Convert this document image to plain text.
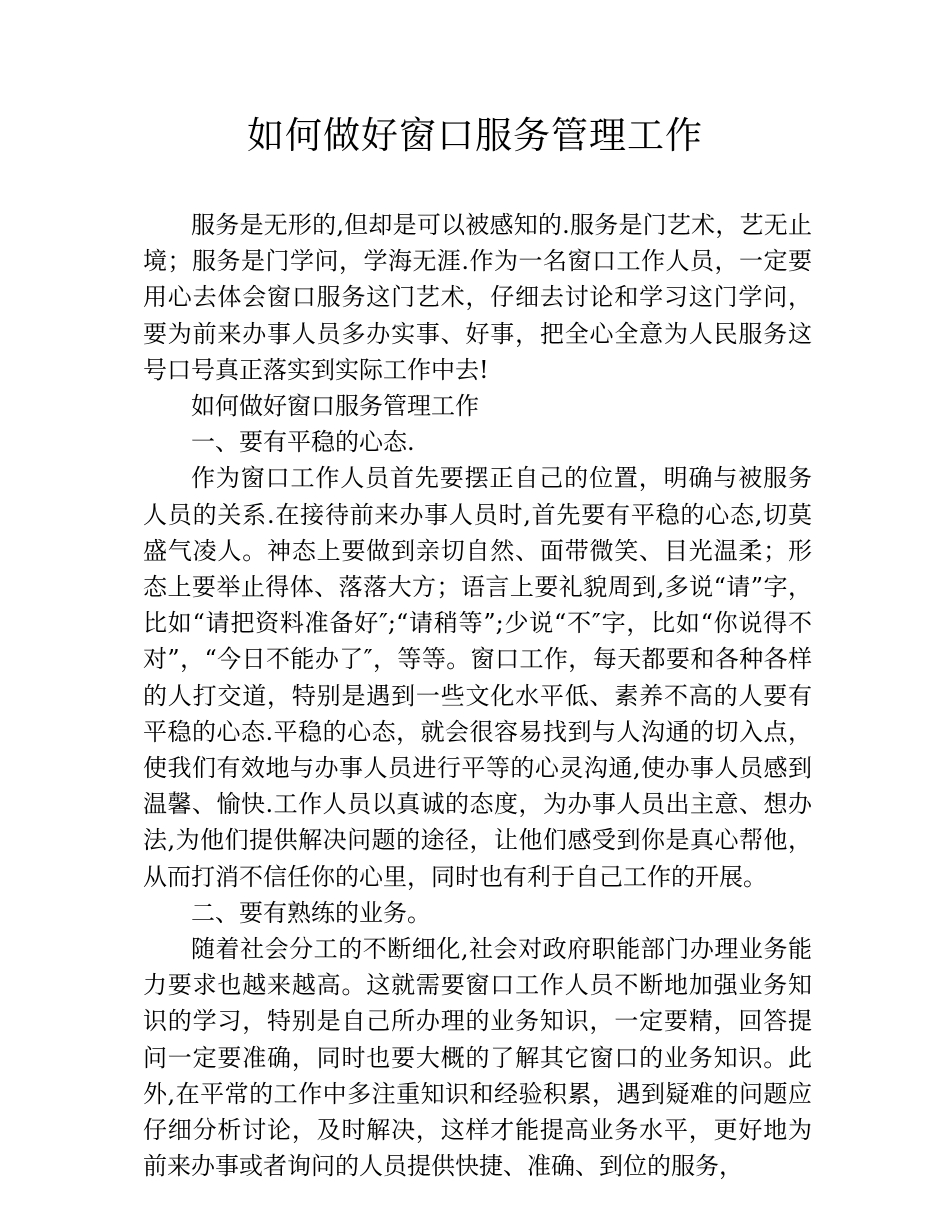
如何做好窗口服务管理工作

服务是无形的,但却是可以被感知的.服务是门艺术，艺无止境；服务是门学问，学海无涯.作为一名窗口工作人员，一定要用心去体会窗口服务这门艺术，仔细去讨论和学习这门学问，要为前来办事人员多办实事、好事，把全心全意为人民服务这号口号真正落实到实际工作中去!

如何做好窗口服务管理工作

一、要有平稳的心态.

作为窗口工作人员首先要摆正自己的位置，明确与被服务人员的关系.在接待前来办事人员时,首先要有平稳的心态,切莫盛气凌人。神态上要做到亲切自然、面带微笑、目光温柔；形态上要举止得体、落落大方；语言上要礼貌周到,多说“请”字，比如“请把资料准备好″;“请稍等”;少说“不″字，比如“你说得不对”，“今日不能办了″，等等。窗口工作，每天都要和各种各样的人打交道，特别是遇到一些文化水平低、素养不高的人要有平稳的心态.平稳的心态，就会很容易找到与人沟通的切入点，使我们有效地与办事人员进行平等的心灵沟通,使办事人员感到温馨、愉快.工作人员以真诚的态度，为办事人员出主意、想办法,为他们提供解决问题的途径，让他们感受到你是真心帮他，从而打消不信任你的心里，同时也有利于自己工作的开展。

二、要有熟练的业务。

随着社会分工的不断细化,社会对政府职能部门办理业务能力要求也越来越高。这就需要窗口工作人员不断地加强业务知识的学习，特别是自己所办理的业务知识，一定要精，回答提问一定要准确，同时也要大概的了解其它窗口的业务知识。此外,在平常的工作中多注重知识和经验积累，遇到疑难的问题应仔细分析讨论，及时解决，这样才能提高业务水平，更好地为前来办事或者询问的人员提供快捷、准确、到位的服务，
